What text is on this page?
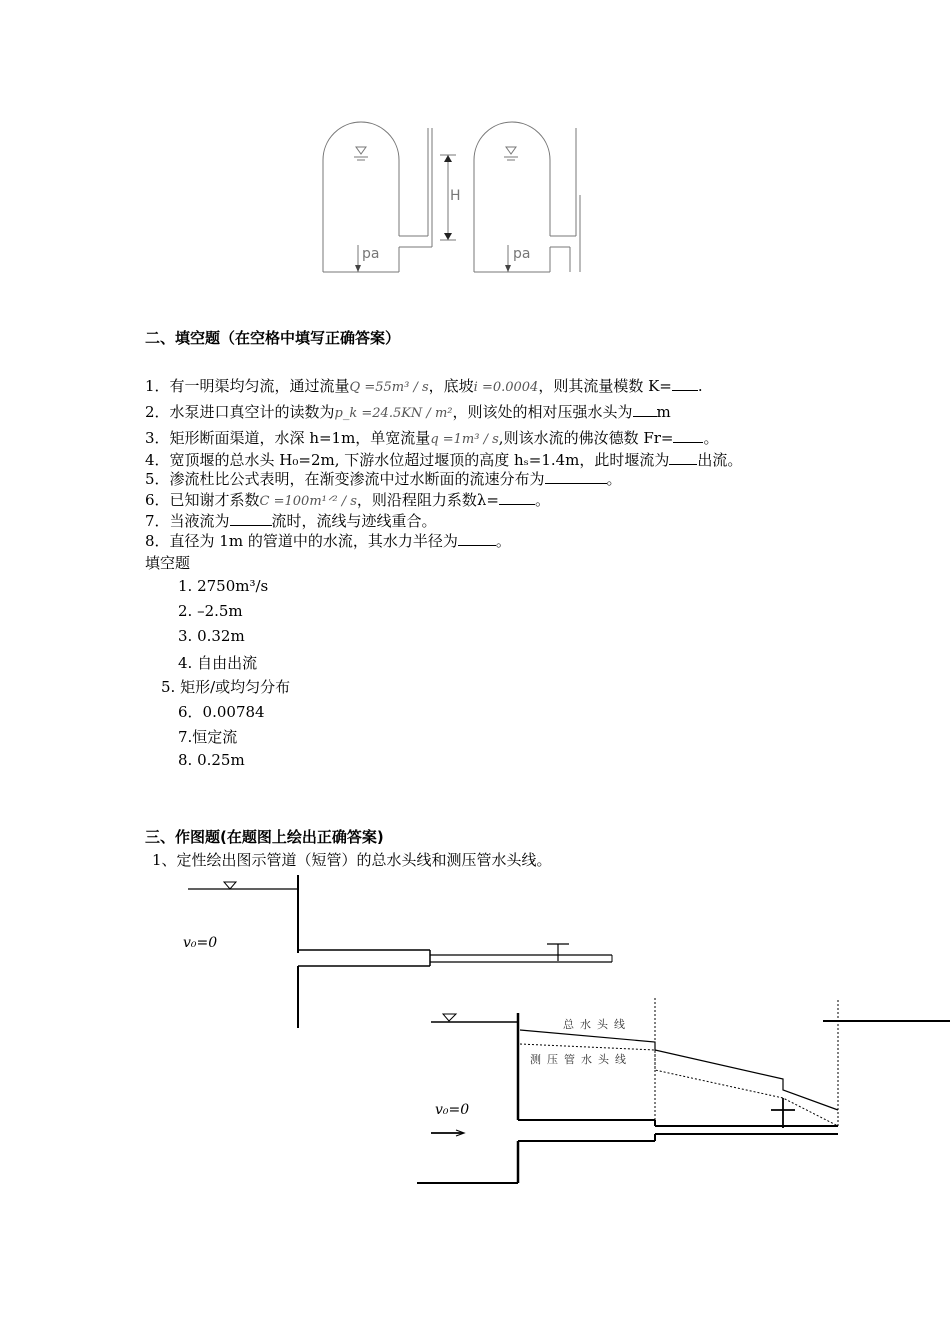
H
pa	pa
二、填空题（在空格中填写正确答案）
1．有一明渠均匀流，通过流量Q =55m³ / s，底坡i =0.0004，则其流量模数 K= .
2．水泵进口真空计的读数为p_k =24.5KN / m²，则该处的相对压强水头为 m
3．矩形断面渠道，水深 h=1m，单宽流量q =1m³ / s,则该水流的佛汝德数 Fr= 。
4．宽顶堰的总水头 H₀=2m, 下游水位超过堰顶的高度 hₛ=1.4m，此时堰流为 出流。
5．渗流杜比公式表明，在渐变渗流中过水断面的流速分布为	。
6．已知谢才系数C =100m¹ᐟ² / s，则沿程阻力系数λ= 。
7．当液流为	流时，流线与迹线重合。
8．直径为 1m 的管道中的水流，其水力半径为	。
填空题
1. 2750m³/s
2. –2.5m
3. 0.32m
4. 自由出流
5. 矩形/或均匀分布
6．0.00784
7.恒定流
8. 0.25m
三、作图题(在题图上绘出正确答案)
1、定性绘出图示管道（短管）的总水头线和测压管水头线。
v₀=0
v₀=0
总水头线
测压管水头线
